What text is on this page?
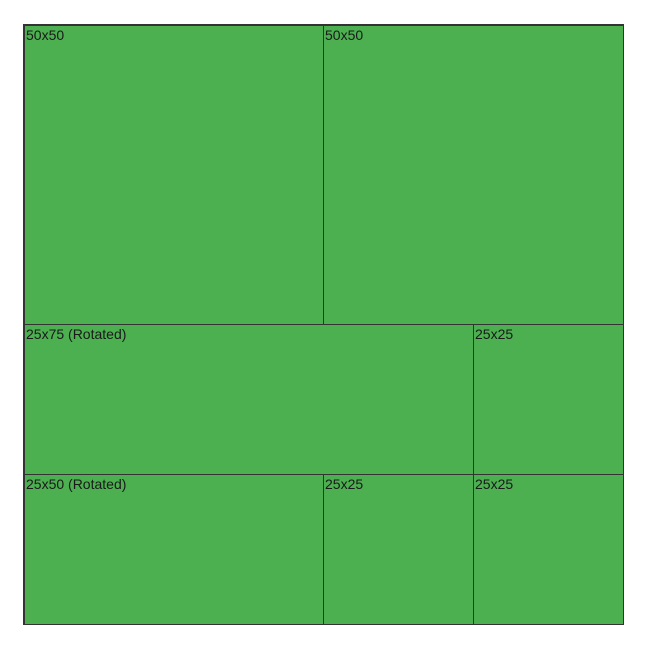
50x50	50x50
25x75 (Rotated)	25x25
25x50 (Rotated)	25x25	25x25
